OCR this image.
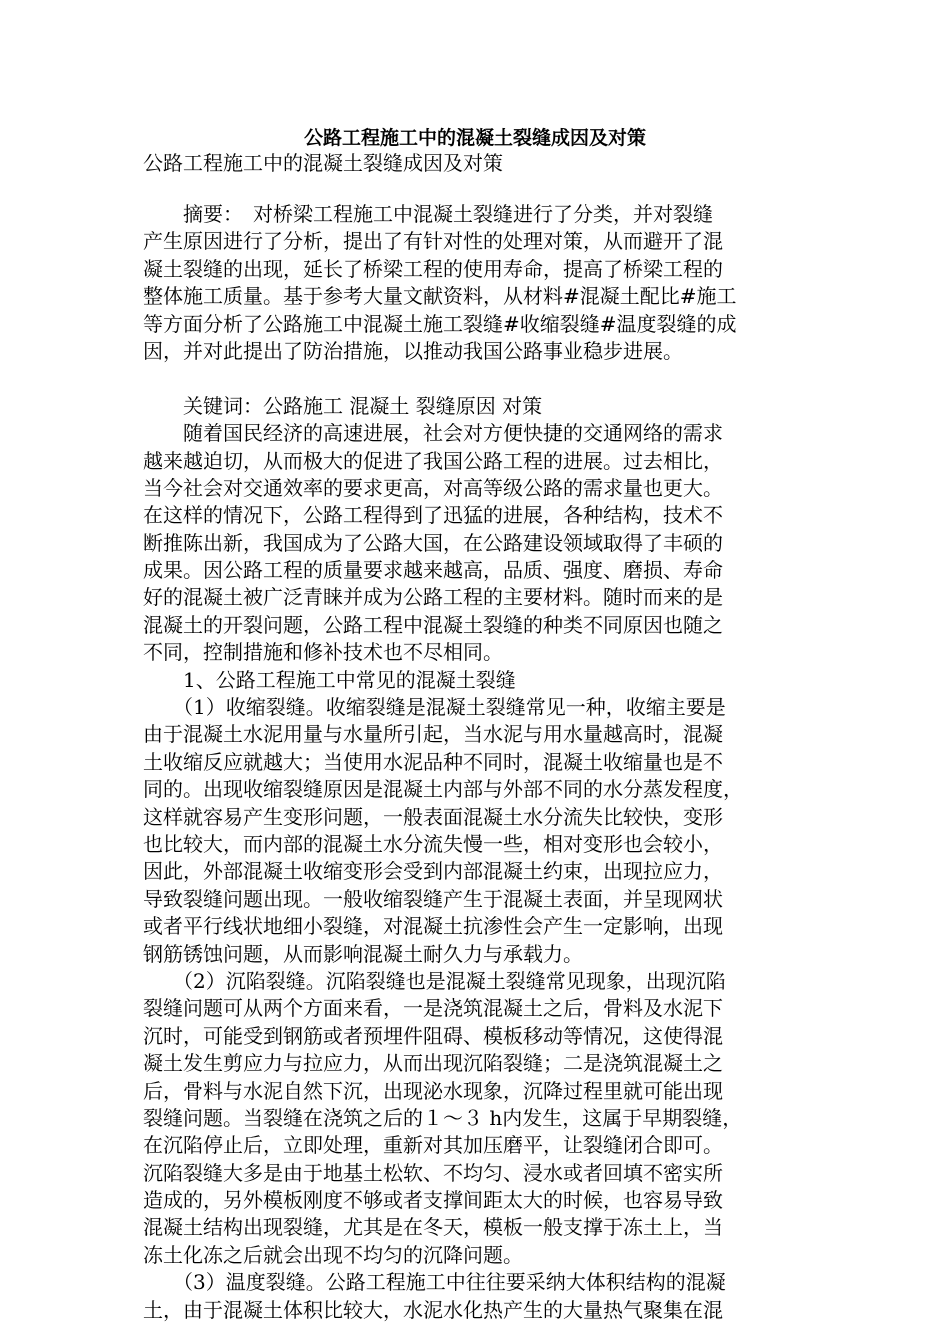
公路工程施工中的混凝土裂缝成因及对策
公路工程施工中的混凝土裂缝成因及对策
　　摘要：　对桥梁工程施工中混凝土裂缝进行了分类，并对裂缝
产生原因进行了分析，提出了有针对性的处理对策，从而避开了混
凝土裂缝的出现，延长了桥梁工程的使用寿命，提高了桥梁工程的
整体施工质量。基于参考大量文献资料，从材料#混凝土配比#施工
等方面分析了公路施工中混凝土施工裂缝#收缩裂缝#温度裂缝的成
因，并对此提出了防治措施，以推动我国公路事业稳步进展。
　　关键词：公路施工 混凝土 裂缝原因 对策
　　随着国民经济的高速进展，社会对方便快捷的交通网络的需求
越来越迫切，从而极大的促进了我国公路工程的进展。过去相比，
当今社会对交通效率的要求更高，对高等级公路的需求量也更大。
在这样的情况下，公路工程得到了迅猛的进展，各种结构，技术不
断推陈出新，我国成为了公路大国，在公路建设领域取得了丰硕的
成果。因公路工程的质量要求越来越高，品质、强度、磨损、寿命
好的混凝土被广泛青睐并成为公路工程的主要材料。随时而来的是
混凝土的开裂问题，公路工程中混凝土裂缝的种类不同原因也随之
不同，控制措施和修补技术也不尽相同。
　　1、公路工程施工中常见的混凝土裂缝
　　（1）收缩裂缝。收缩裂缝是混凝土裂缝常见一种，收缩主要是
由于混凝土水泥用量与水量所引起，当水泥与用水量越高时，混凝
土收缩反应就越大；当使用水泥品种不同时，混凝土收缩量也是不
同的。出现收缩裂缝原因是混凝土内部与外部不同的水分蒸发程度，
这样就容易产生变形问题，一般表面混凝土水分流失比较快，变形
也比较大，而内部的混凝土水分流失慢一些，相对变形也会较小，
因此，外部混凝土收缩变形会受到内部混凝土约束，出现拉应力，
导致裂缝问题出现。一般收缩裂缝产生于混凝土表面，并呈现网状
或者平行线状地细小裂缝，对混凝土抗渗性会产生一定影响，出现
钢筋锈蚀问题，从而影响混凝土耐久力与承载力。
　　（2）沉陷裂缝。沉陷裂缝也是混凝土裂缝常见现象，出现沉陷
裂缝问题可从两个方面来看，一是浇筑混凝土之后，骨料及水泥下
沉时，可能受到钢筋或者预埋件阻碍、模板移动等情况，这使得混
凝土发生剪应力与拉应力，从而出现沉陷裂缝；二是浇筑混凝土之
后，骨料与水泥自然下沉，出现泌水现象，沉降过程里就可能出现
裂缝问题。当裂缝在浇筑之后的１～３ h内发生，这属于早期裂缝，
在沉陷停止后，立即处理，重新对其加压磨平，让裂缝闭合即可。
沉陷裂缝大多是由于地基土松软、不均匀、浸水或者回填不密实所
造成的，另外模板刚度不够或者支撑间距太大的时候，也容易导致
混凝土结构出现裂缝，尤其是在冬天，模板一般支撑于冻土上，当
冻土化冻之后就会出现不均匀的沉降问题。
　　（3）温度裂缝。公路工程施工中往往要采纳大体积结构的混凝
土，由于混凝土体积比较大，水泥水化热产生的大量热气聚集在混
